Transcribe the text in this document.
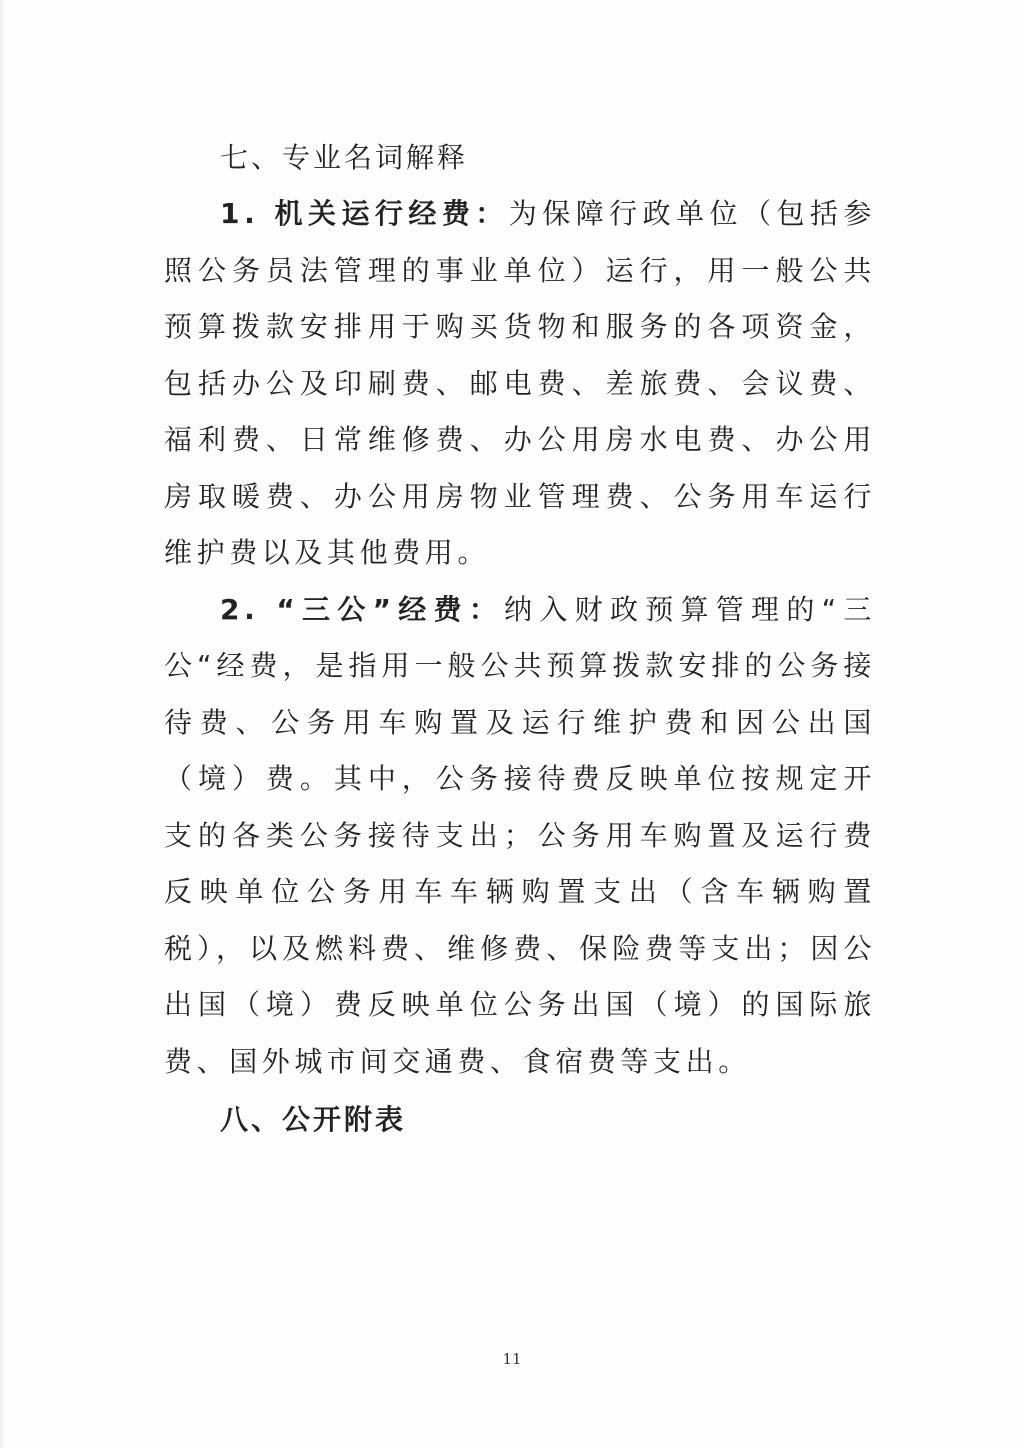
七、专业名词解释

1. 机关运行经费：为保障行政单位（包括参照公务员法管理的事业单位）运行，用一般公共预算拨款安排用于购买货物和服务的各项资金，包括办公及印刷费、邮电费、差旅费、会议费、福利费、日常维修费、办公用房水电费、办公用房取暖费、办公用房物业管理费、公务用车运行维护费以及其他费用。

2. “三公”经费：纳入财政预算管理的“三公“经费，是指用一般公共预算拨款安排的公务接待费、公务用车购置及运行维护费和因公出国（境）费。其中，公务接待费反映单位按规定开支的各类公务接待支出；公务用车购置及运行费反映单位公务用车车辆购置支出（含车辆购置税），以及燃料费、维修费、保险费等支出；因公出国（境）费反映单位公务出国（境）的国际旅费、国外城市间交通费、食宿费等支出。

八、公开附表

11
